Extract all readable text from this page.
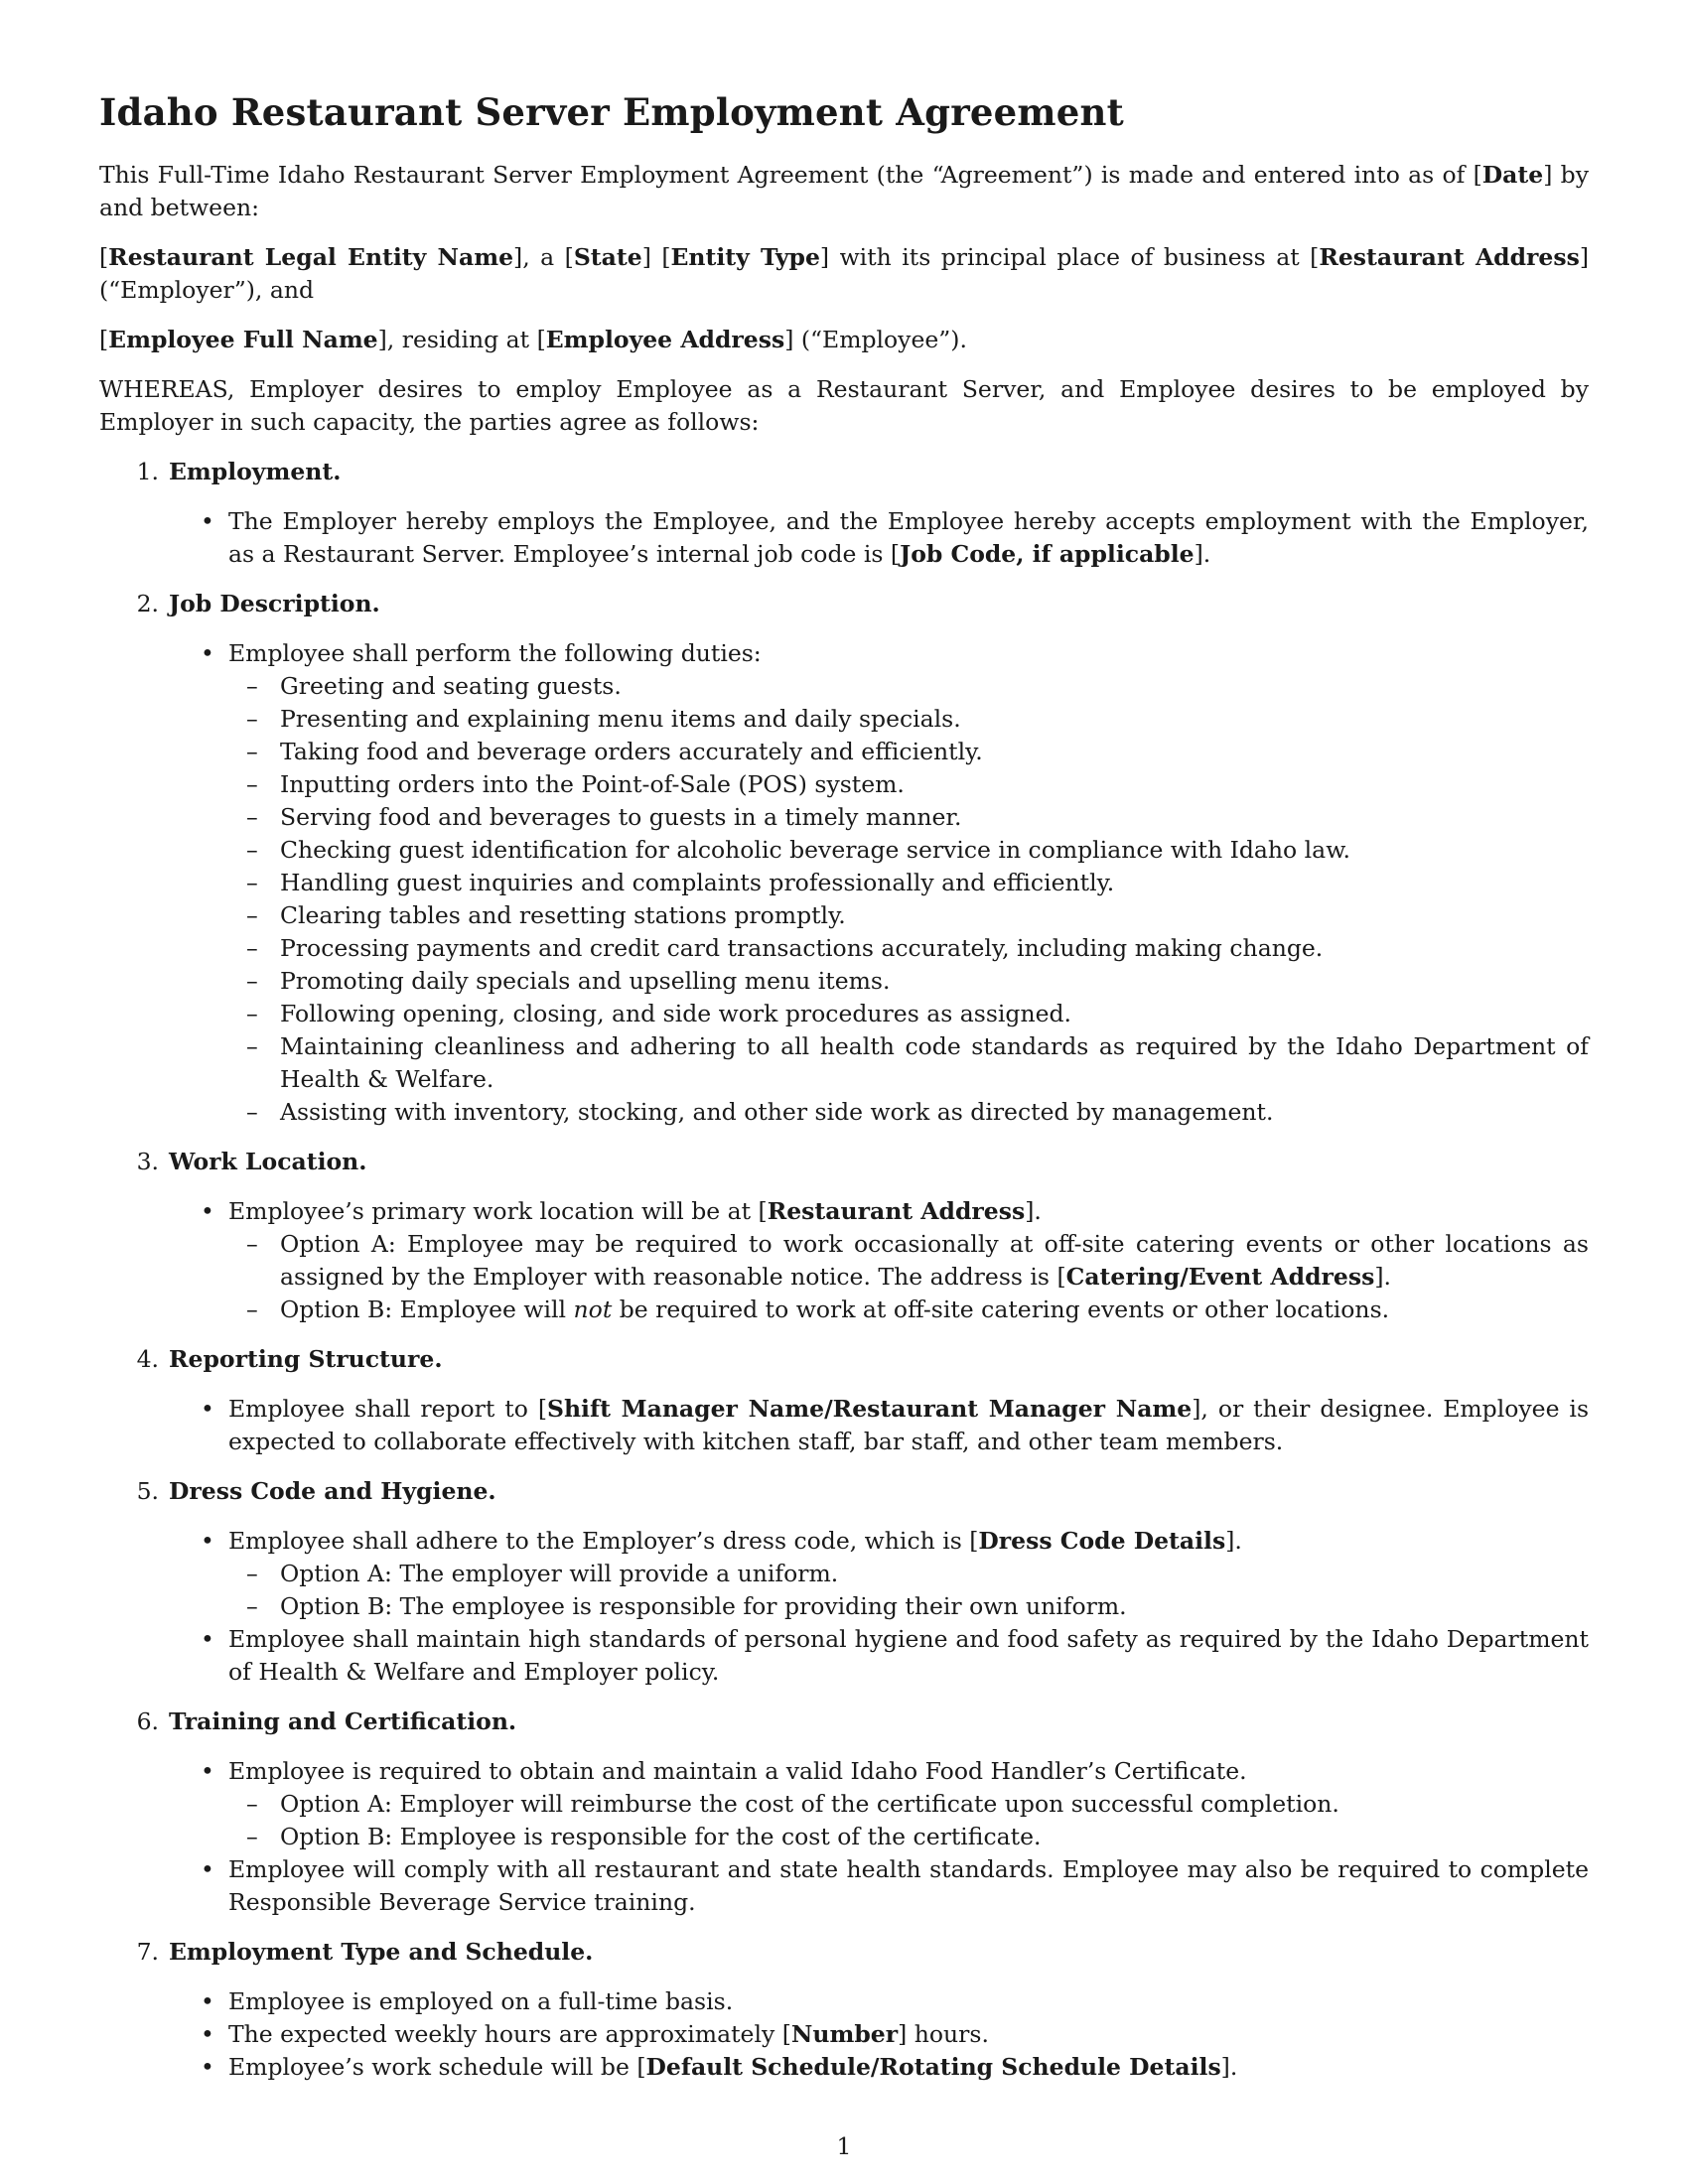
Idaho Restaurant Server Employment Agreement

This Full-Time Idaho Restaurant Server Employment Agreement (the “Agreement”) is made and entered into as of [Date] by and between:

[Restaurant Legal Entity Name], a [State] [Entity Type] with its principal place of business at [Restaurant Address] (“Employer”), and

[Employee Full Name], residing at [Employee Address] (“Employee”).

WHEREAS, Employer desires to employ Employee as a Restaurant Server, and Employee desires to be employed by Employer in such capacity, the parties agree as follows:

1. Employment.
• The Employer hereby employs the Employee, and the Employee hereby accepts employment with the Employer, as a Restaurant Server. Employee’s internal job code is [Job Code, if applicable].
2. Job Description.
• Employee shall perform the following duties:
– Greeting and seating guests.
– Presenting and explaining menu items and daily specials.
– Taking food and beverage orders accurately and efficiently.
– Inputting orders into the Point-of-Sale (POS) system.
– Serving food and beverages to guests in a timely manner.
– Checking guest identification for alcoholic beverage service in compliance with Idaho law.
– Handling guest inquiries and complaints professionally and efficiently.
– Clearing tables and resetting stations promptly.
– Processing payments and credit card transactions accurately, including making change.
– Promoting daily specials and upselling menu items.
– Following opening, closing, and side work procedures as assigned.
– Maintaining cleanliness and adhering to all health code standards as required by the Idaho Department of Health & Welfare.
– Assisting with inventory, stocking, and other side work as directed by management.
3. Work Location.
• Employee’s primary work location will be at [Restaurant Address].
– Option A: Employee may be required to work occasionally at off-site catering events or other locations as assigned by the Employer with reasonable notice. The address is [Catering/Event Address].
– Option B: Employee will not be required to work at off-site catering events or other locations.
4. Reporting Structure.
• Employee shall report to [Shift Manager Name/Restaurant Manager Name], or their designee. Employee is expected to collaborate effectively with kitchen staff, bar staff, and other team members.
5. Dress Code and Hygiene.
• Employee shall adhere to the Employer’s dress code, which is [Dress Code Details].
– Option A: The employer will provide a uniform.
– Option B: The employee is responsible for providing their own uniform.
• Employee shall maintain high standards of personal hygiene and food safety as required by the Idaho Department of Health & Welfare and Employer policy.
6. Training and Certification.
• Employee is required to obtain and maintain a valid Idaho Food Handler’s Certificate.
– Option A: Employer will reimburse the cost of the certificate upon successful completion.
– Option B: Employee is responsible for the cost of the certificate.
• Employee will comply with all restaurant and state health standards. Employee may also be required to complete Responsible Beverage Service training.
7. Employment Type and Schedule.
• Employee is employed on a full-time basis.
• The expected weekly hours are approximately [Number] hours.
• Employee’s work schedule will be [Default Schedule/Rotating Schedule Details].
1
